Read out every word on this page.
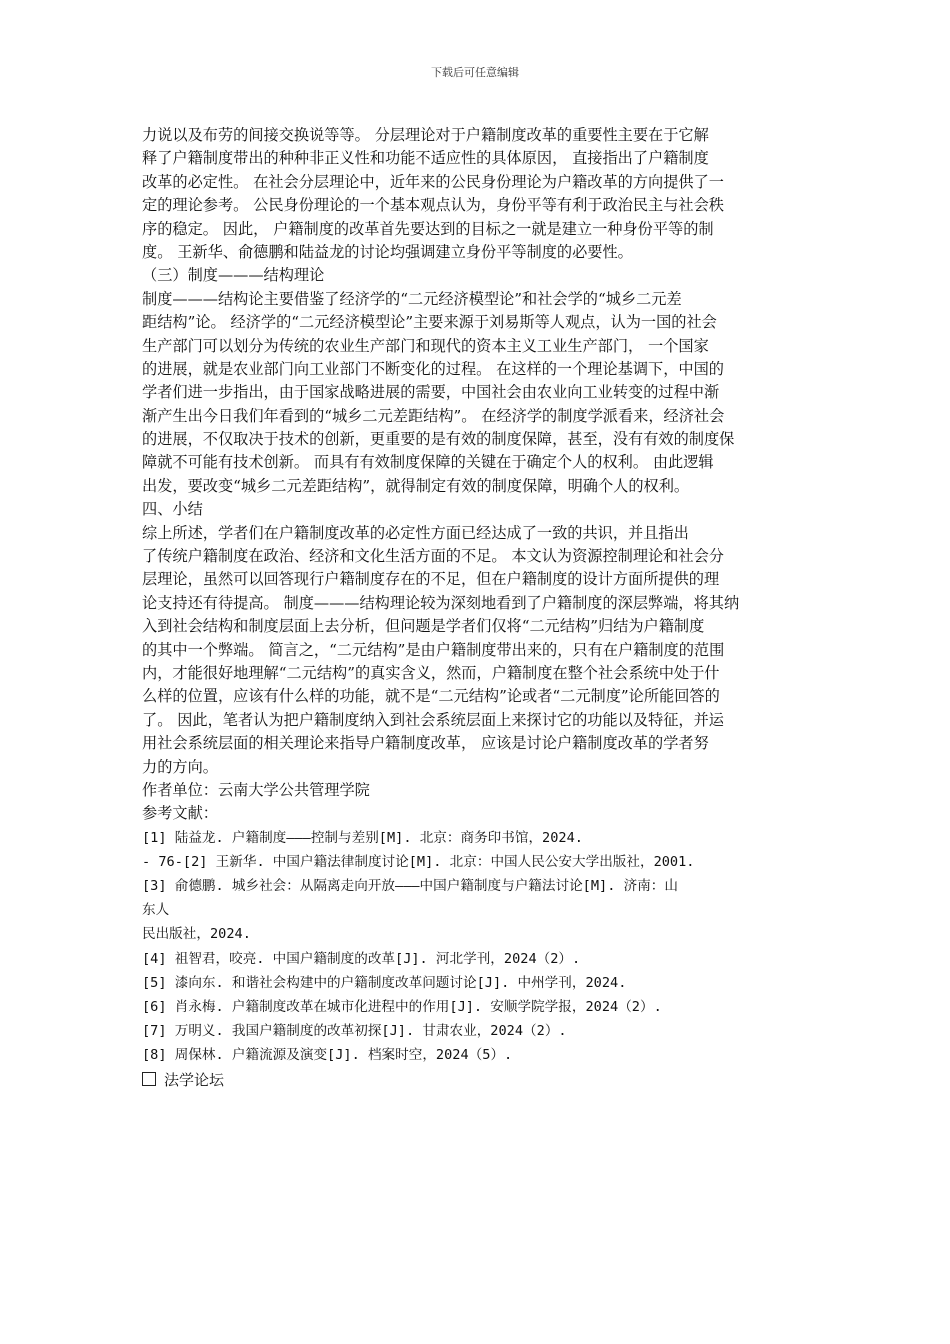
下载后可任意编辑
力说以及布劳的间接交换说等等。 分层理论对于户籍制度改革的重要性主要在于它解
释了户籍制度带出的种种非正义性和功能不适应性的具体原因， 直接指出了户籍制度
改革的必定性。 在社会分层理论中，近年来的公民身份理论为户籍改革的方向提供了一
定的理论参考。 公民身份理论的一个基本观点认为，身份平等有利于政治民主与社会秩
序的稳定。 因此， 户籍制度的改革首先要达到的目标之一就是建立一种身份平等的制
度。 王新华、俞德鹏和陆益龙的讨论均强调建立身份平等制度的必要性。
（三）制度———结构理论
制度———结构论主要借鉴了经济学的“二元经济模型论”和社会学的“城乡二元差
距结构”论。 经济学的“二元经济模型论”主要来源于刘易斯等人观点，认为一国的社会
生产部门可以划分为传统的农业生产部门和现代的资本主义工业生产部门， 一个国家
的进展，就是农业部门向工业部门不断变化的过程。 在这样的一个理论基调下，中国的
学者们进一步指出，由于国家战略进展的需要，中国社会由农业向工业转变的过程中渐
渐产生出今日我们年看到的“城乡二元差距结构”。 在经济学的制度学派看来，经济社会
的进展，不仅取决于技术的创新，更重要的是有效的制度保障，甚至，没有有效的制度保
障就不可能有技术创新。 而具有有效制度保障的关键在于确定个人的权利。 由此逻辑
出发，要改变“城乡二元差距结构”，就得制定有效的制度保障，明确个人的权利。
四、小结
综上所述，学者们在户籍制度改革的必定性方面已经达成了一致的共识，并且指出
了传统户籍制度在政治、经济和文化生活方面的不足。 本文认为资源控制理论和社会分
层理论，虽然可以回答现行户籍制度存在的不足，但在户籍制度的设计方面所提供的理
论支持还有待提高。 制度———结构理论较为深刻地看到了户籍制度的深层弊端，将其纳
入到社会结构和制度层面上去分析，但问题是学者们仅将“二元结构”归结为户籍制度
的其中一个弊端。 简言之，“二元结构”是由户籍制度带出来的，只有在户籍制度的范围
内，才能很好地理解“二元结构”的真实含义，然而，户籍制度在整个社会系统中处于什
么样的位置，应该有什么样的功能，就不是“二元结构”论或者“二元制度”论所能回答的
了。 因此，笔者认为把户籍制度纳入到社会系统层面上来探讨它的功能以及特征，并运
用社会系统层面的相关理论来指导户籍制度改革， 应该是讨论户籍制度改革的学者努
力的方向。
作者单位：云南大学公共管理学院
参考文献：
[1] 陆益龙. 户籍制度———控制与差别[M]. 北京：商务印书馆，2024.
- 76-[2] 王新华. 中国户籍法律制度讨论[M]. 北京：中国人民公安大学出版社，2001.
[3] 俞德鹏. 城乡社会：从隔离走向开放———中国户籍制度与户籍法讨论[M]. 济南：山
东人
民出版社，2024.
[4] 祖智君，咬亮. 中国户籍制度的改革[J]. 河北学刊，2024（2）.
[5] 漆向东. 和谐社会构建中的户籍制度改革问题讨论[J]. 中州学刊，2024.
[6] 肖永梅. 户籍制度改革在城市化进程中的作用[J]. 安顺学院学报，2024（2）.
[7] 万明义. 我国户籍制度的改革初探[J]. 甘肃农业，2024（2）.
[8] 周保林. 户籍流源及演变[J]. 档案时空，2024（5）.
法学论坛
